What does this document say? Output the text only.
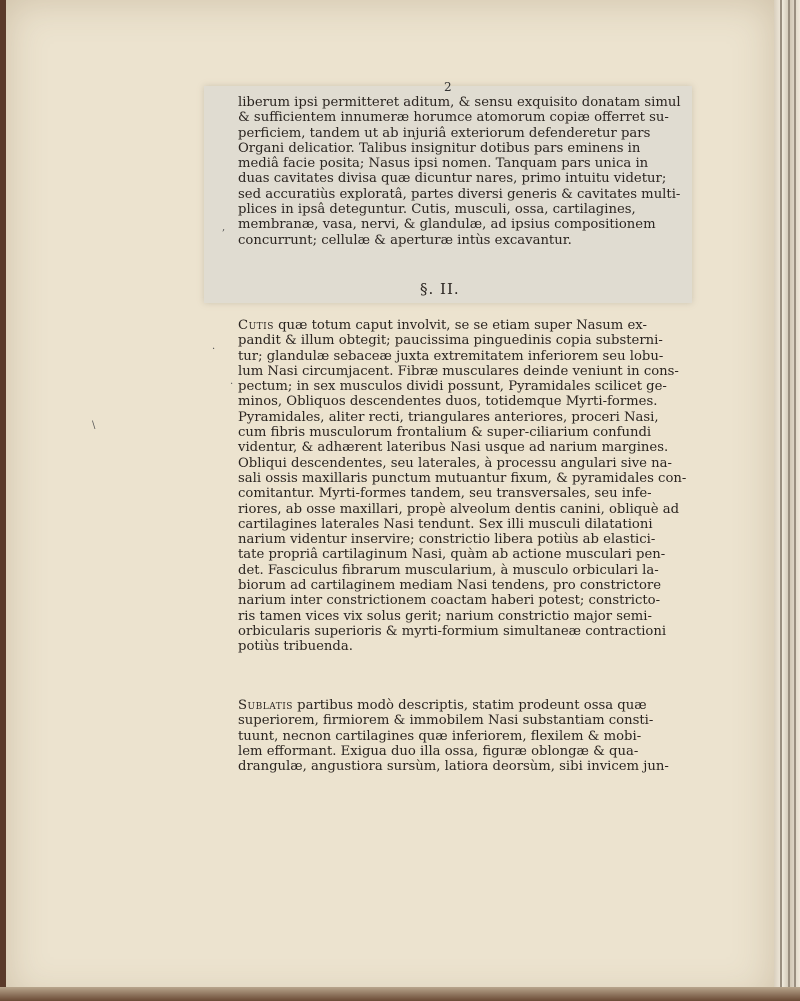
2
liberum ipsi permitteret aditum, & sensu exquisito donatam simul
& sufficientem innumeræ horumce atomorum copiæ offerret su-
perficiem, tandem ut ab injuriâ exteriorum defenderetur pars
Organi delicatior. Talibus insignitur dotibus pars eminens in
mediâ facie posita; Nasus ipsi nomen. Tanquam pars unica in
duas cavitates divisa quæ dicuntur nares, primo intuitu videtur;
sed accuratiùs exploratâ, partes diversi generis & cavitates multi-
plices in ipsâ deteguntur. Cutis, musculi, ossa, cartilagines,
membranæ, vasa, nervi, & glandulæ, ad ipsius compositionem
concurrunt; cellulæ & aperturæ intùs excavantur.
§. II.
Cutis quæ totum caput involvit, se se etiam super Nasum ex-
pandit & illum obtegit; paucissima pinguedinis copia substerni-
tur; glandulæ sebaceæ juxta extremitatem inferiorem seu lobu-
lum Nasi circumjacent. Fibræ musculares deinde veniunt in cons-
pectum; in sex musculos dividi possunt, Pyramidales scilicet ge-
minos, Obliquos descendentes duos, totidemque Myrti-formes.
Pyramidales, aliter recti, triangulares anteriores, proceri Nasi,
cum fibris musculorum frontalium & super-ciliarium confundi
videntur, & adhærent lateribus Nasi usque ad narium margines.
Obliqui descendentes, seu laterales, à processu angulari sive na-
sali ossis maxillaris punctum mutuantur fixum, & pyramidales con-
comitantur. Myrti-formes tandem, seu transversales, seu infe-
riores, ab osse maxillari, propè alveolum dentis canini, obliquè ad
cartilagines laterales Nasi tendunt. Sex illi musculi dilatationi
narium videntur inservire; constrictio libera potiùs ab elastici-
tate propriâ cartilaginum Nasi, quàm ab actione musculari pen-
det. Fasciculus fibrarum muscularium, à musculo orbiculari la-
biorum ad cartilaginem mediam Nasi tendens, pro constrictore
narium inter constrictionem coactam haberi potest; constricto-
ris tamen vices vix solus gerit; narium constrictio major semi-
orbicularis superioris & myrti-formium simultaneæ contractioni
potiùs tribuenda.
Sublatis partibus modò descriptis, statim prodeunt ossa quæ
superiorem, firmiorem & immobilem Nasi substantiam consti-
tuunt, necnon cartilagines quæ inferiorem, flexilem & mobi-
lem efformant. Exigua duo illa ossa, figuræ oblongæ & qua-
drangulæ, angustiora sursùm, latiora deorsùm, sibi invicem jun-
,
·
.
\
